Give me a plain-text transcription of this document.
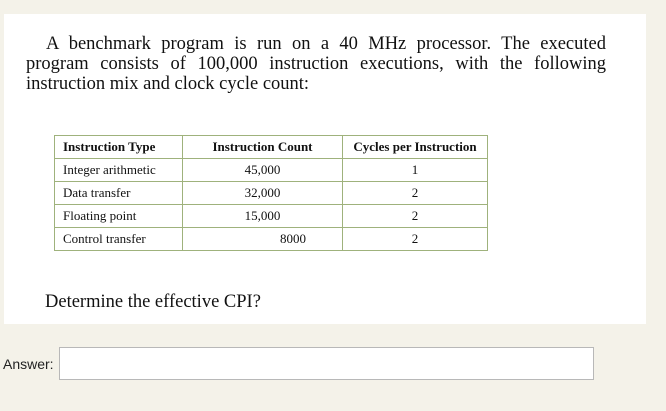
A benchmark program is run on a 40 MHz processor. The executed program consists of 100,000 instruction executions, with the following instruction mix and clock cycle count:

Instruction Type	Instruction Count	Cycles per Instruction
Integer arithmetic	45,000	1
Data transfer	32,000	2
Floating point	15,000	2
Control transfer	8000	2

Determine the effective CPI?

Answer:
